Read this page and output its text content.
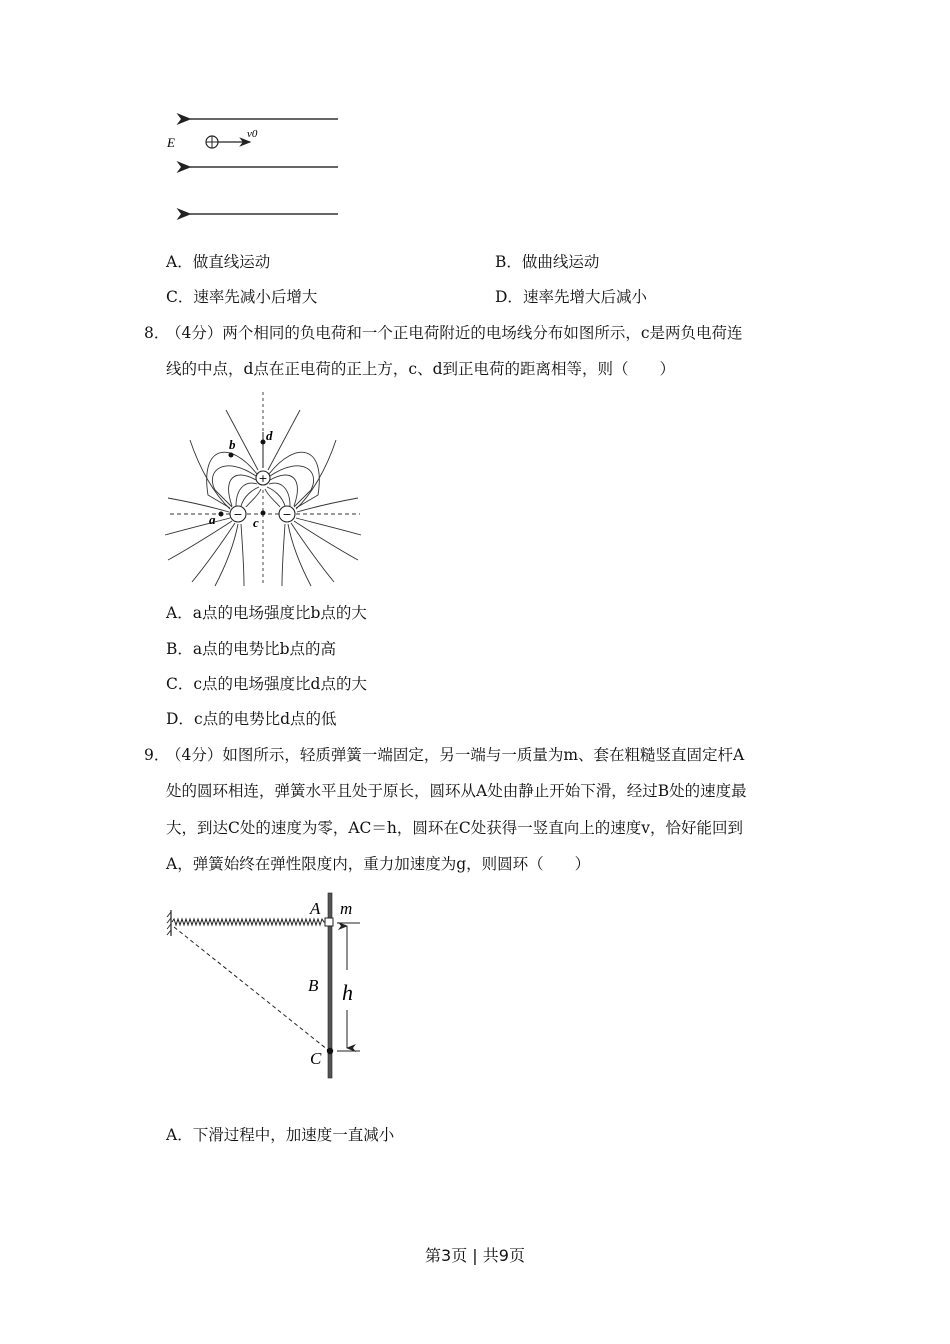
E
v0
A．做直线运动	B．做曲线运动
C．速率先减小后增大	D．速率先增大后减小
8．
（4分）两个相同的负电荷和一个正电荷附近的电场线分布如图所示，c是两负电荷连
线的中点，d点在正电荷的正上方，c、d到正电荷的距离相等，则（　　）
+
−	−
d
b
a	c
A．a点的电场强度比b点的大
B．a点的电势比b点的高
C．c点的电场强度比d点的大
D．c点的电势比d点的低
9．
（4分）如图所示，轻质弹簧一端固定，另一端与一质量为m、套在粗糙竖直固定杆A
处的圆环相连，弹簧水平且处于原长，圆环从A处由静止开始下滑，经过B处的速度最
大，到达C处的速度为零，AC＝h，圆环在C处获得一竖直向上的速度v，恰好能回到
A，弹簧始终在弹性限度内，重力加速度为g，则圆环（　　）
A m
B h
C
A．下滑过程中，加速度一直减小
第3页 | 共9页
